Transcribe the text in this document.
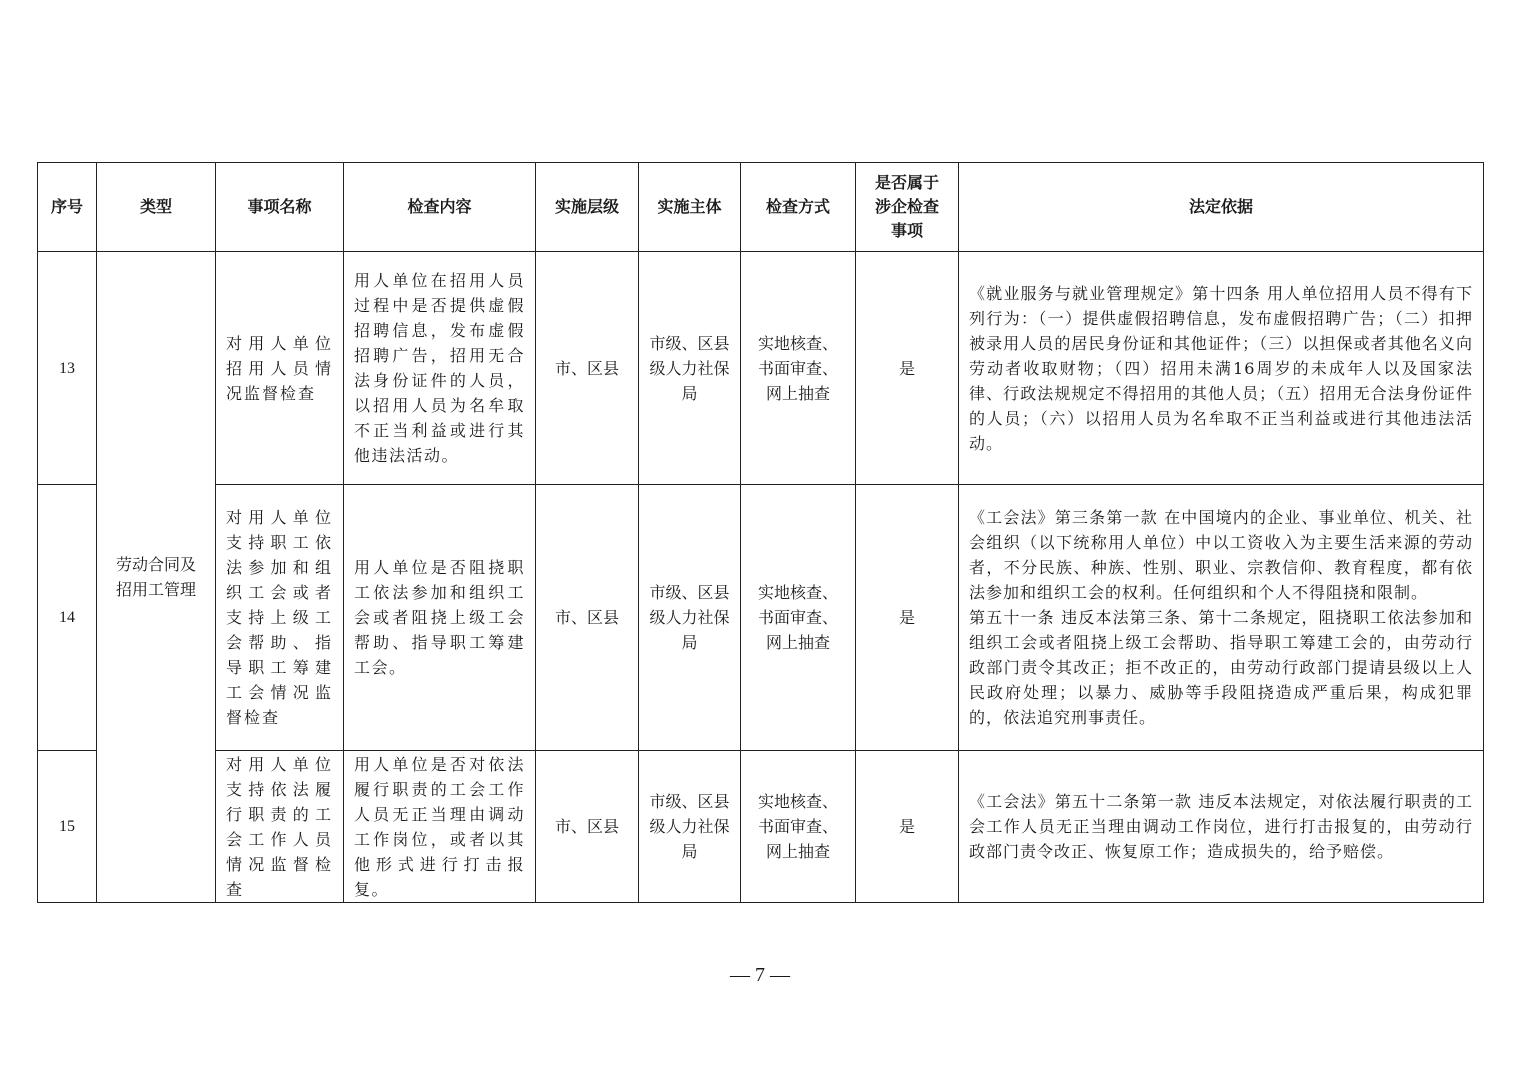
序号	类型	事项名称	检查内容	实施层级	实施主体	检查方式	是否属于涉企检查事项	法定依据
13	劳动合同及招用工管理	对用人单位招用人员情况监督检查	用人单位在招用人员过程中是否提供虚假招聘信息，发布虚假招聘广告，招用无合法身份证件的人员，以招用人员为名牟取不正当利益或进行其他违法活动。	市、区县	市级、区县级人力社保局	实地核查、书面审查、网上抽查	是	《就业服务与就业管理规定》第十四条 用人单位招用人员不得有下列行为：（一）提供虚假招聘信息，发布虚假招聘广告；（二）扣押被录用人员的居民身份证和其他证件；（三）以担保或者其他名义向劳动者收取财物；（四）招用未满16周岁的未成年人以及国家法律、行政法规规定不得招用的其他人员；（五）招用无合法身份证件的人员；（六）以招用人员为名牟取不正当利益或进行其他违法活动。
14		对用人单位支持职工依法参加和组织工会或者支持上级工会帮助、指导职工筹建工会情况监督检查	用人单位是否阻挠职工依法参加和组织工会或者阻挠上级工会帮助、指导职工筹建工会。	市、区县	市级、区县级人力社保局	实地核查、书面审查、网上抽查	是	《工会法》第三条第一款 在中国境内的企业、事业单位、机关、社会组织（以下统称用人单位）中以工资收入为主要生活来源的劳动者，不分民族、种族、性别、职业、宗教信仰、教育程度，都有依法参加和组织工会的权利。任何组织和个人不得阻挠和限制。
第五十一条 违反本法第三条、第十二条规定，阻挠职工依法参加和组织工会或者阻挠上级工会帮助、指导职工筹建工会的，由劳动行政部门责令其改正；拒不改正的，由劳动行政部门提请县级以上人民政府处理；以暴力、威胁等手段阻挠造成严重后果，构成犯罪的，依法追究刑事责任。

15		对用人单位支持依法履行职责的工会工作人员情况监督检查	用人单位是否对依法履行职责的工会工作人员无正当理由调动工作岗位，或者以其他形式进行打击报复。	市、区县	市级、区县级人力社保局	实地核查、书面审查、网上抽查	是	《工会法》第五十二条第一款 违反本法规定，对依法履行职责的工会工作人员无正当理由调动工作岗位，进行打击报复的，由劳动行政部门责令改正、恢复原工作；造成损失的，给予赔偿。
— 7 —
